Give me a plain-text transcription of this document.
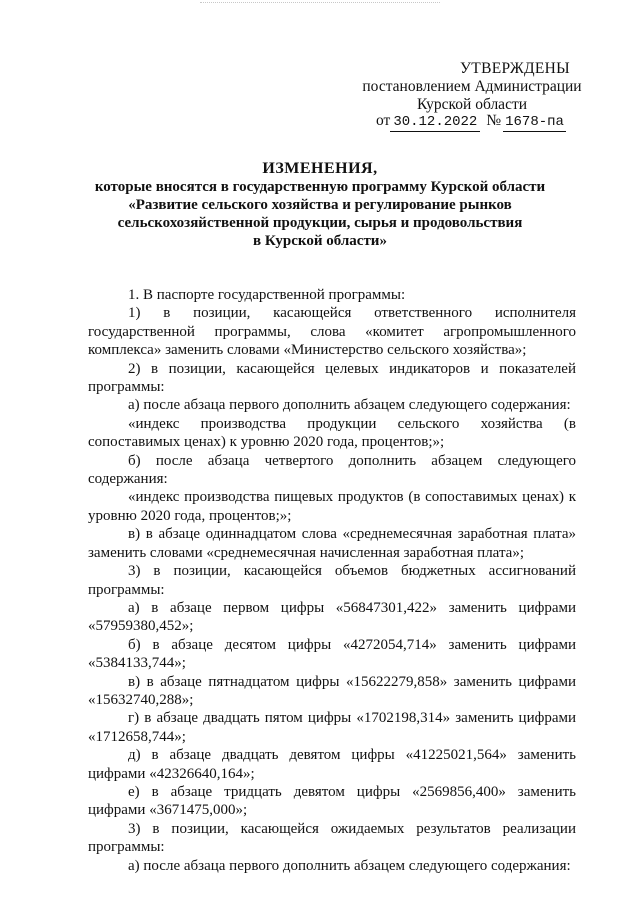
УТВЕРЖДЕНЫ
постановлением Администрации
Курской области
от 30.12.2022 № 1678-па
ИЗМЕНЕНИЯ,
которые вносятся в государственную программу Курской области
«Развитие сельского хозяйства и регулирование рынков
сельскохозяйственной продукции, сырья и продовольствия
в Курской области»

1. В паспорте государственной программы:

1) в позиции, касающейся ответственного исполнителя государственной программы, слова «комитет агропромышленного комплекса» заменить словами «Министерство сельского хозяйства»;

2) в позиции, касающейся целевых индикаторов и показателей программы:

а) после абзаца первого дополнить абзацем следующего содержания:

«индекс производства продукции сельского хозяйства (в сопоставимых ценах) к уровню 2020 года, процентов;»;

б) после абзаца четвертого дополнить абзацем следующего содержания:

«индекс производства пищевых продуктов (в сопоставимых ценах) к уровню 2020 года, процентов;»;

в) в абзаце одиннадцатом слова «среднемесячная заработная плата» заменить словами «среднемесячная начисленная заработная плата»;

3) в позиции, касающейся объемов бюджетных ассигнований программы:

а) в абзаце первом цифры «56847301,422» заменить цифрами «57959380,452»;

б) в абзаце десятом цифры «4272054,714» заменить цифрами «5384133,744»;

в) в абзаце пятнадцатом цифры «15622279,858» заменить цифрами «15632740,288»;

г) в абзаце двадцать пятом цифры «1702198,314» заменить цифрами «1712658,744»;

д) в абзаце двадцать девятом цифры «41225021,564» заменить цифрами «42326640,164»;

е) в абзаце тридцать девятом цифры «2569856,400» заменить цифрами «3671475,000»;

3) в позиции, касающейся ожидаемых результатов реализации программы:

а) после абзаца первого дополнить абзацем следующего содержания:
